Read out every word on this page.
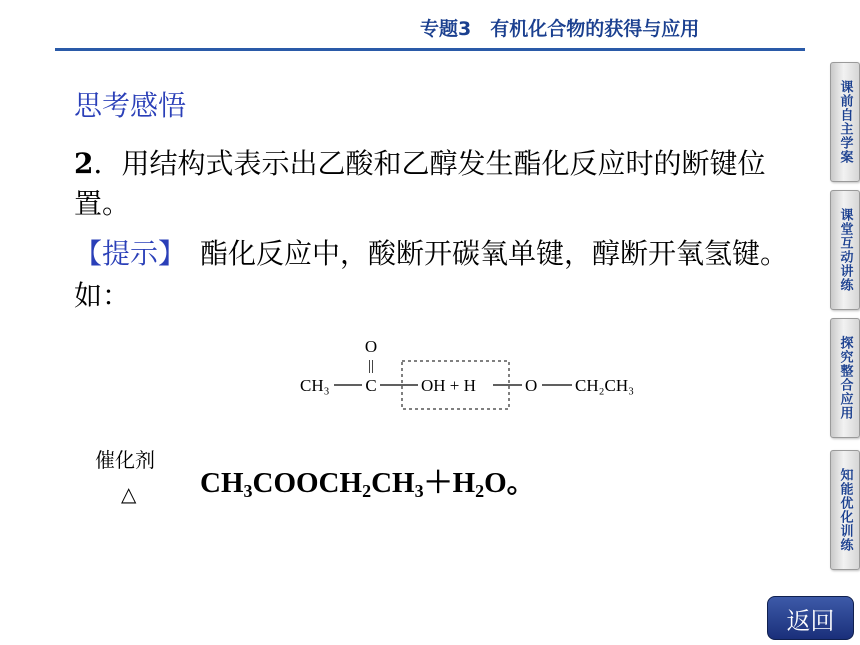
专题3　有机化合物的获得与应用
思考感悟
2．用结构式表示出乙酸和乙醇发生酯化反应时的断键位置。
【提示】　酯化反应中，酸断开碳氧单键，醇断开氧氢键。如：
O
||
CH₃ C	OH + H	O CH₂CH₃
催化剂
△ $CH_3COOCH_2CH_3+H_2O$。
课前自主学案
课堂互动讲练
探究整合应用
知能优化训练
返回
